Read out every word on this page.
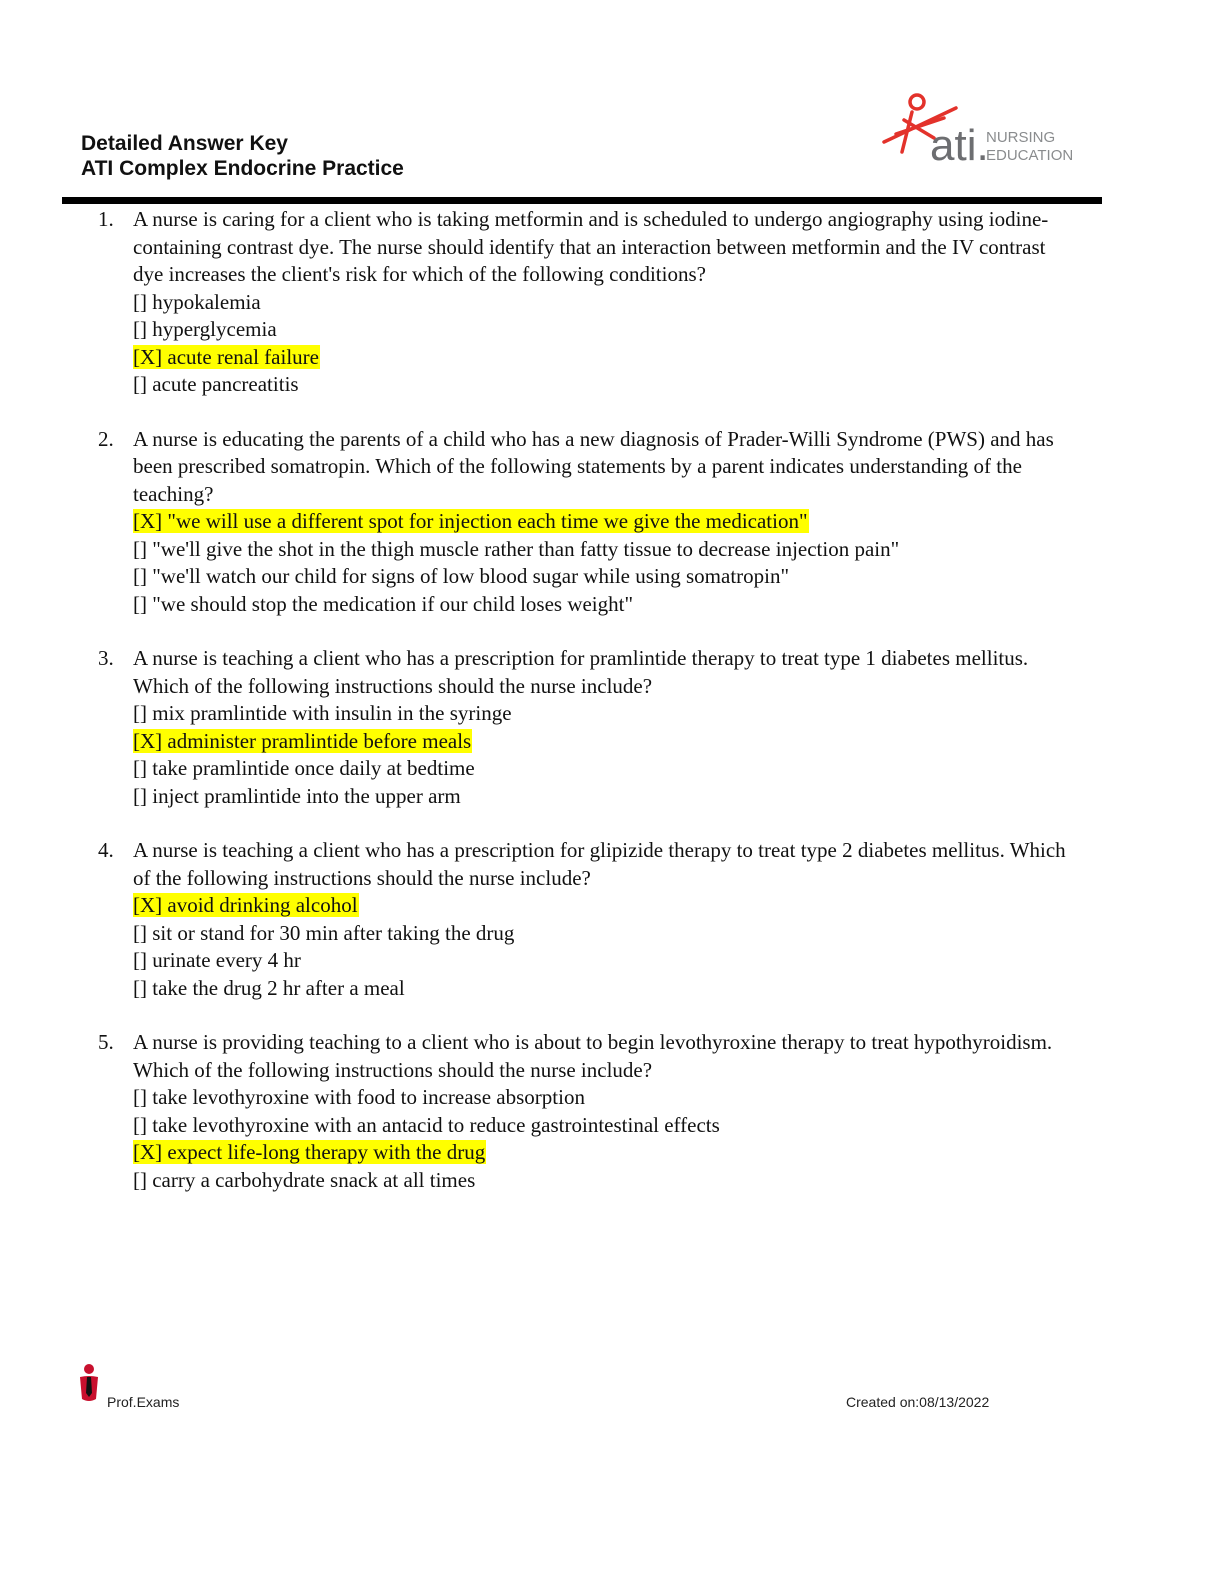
Detailed Answer Key
ATI Complex Endocrine Practice	ati.
NURSING
EDUCATION
1. A nurse is caring for a client who is taking metformin and is scheduled to undergo angiography using iodine-containing contrast dye. The nurse should identify that an interaction between metformin and the IV contrast dye increases the client's risk for which of the following conditions?
[] hypokalemia
[] hyperglycemia
[X] acute renal failure
[] acute pancreatitis
2. A nurse is educating the parents of a child who has a new diagnosis of Prader-Willi Syndrome (PWS) and has been prescribed somatropin. Which of the following statements by a parent indicates understanding of the teaching?
[X] "we will use a different spot for injection each time we give the medication"
[] "we'll give the shot in the thigh muscle rather than fatty tissue to decrease injection pain"
[] "we'll watch our child for signs of low blood sugar while using somatropin"
[] "we should stop the medication if our child loses weight"
3. A nurse is teaching a client who has a prescription for pramlintide therapy to treat type 1 diabetes mellitus. Which of the following instructions should the nurse include?
[] mix pramlintide with insulin in the syringe
[X] administer pramlintide before meals
[] take pramlintide once daily at bedtime
[] inject pramlintide into the upper arm
4. A nurse is teaching a client who has a prescription for glipizide therapy to treat type 2 diabetes mellitus. Which of the following instructions should the nurse include?
[X] avoid drinking alcohol
[] sit or stand for 30 min after taking the drug
[] urinate every 4 hr
[] take the drug 2 hr after a meal
5. A nurse is providing teaching to a client who is about to begin levothyroxine therapy to treat hypothyroidism. Which of the following instructions should the nurse include?
[] take levothyroxine with food to increase absorption
[] take levothyroxine with an antacid to reduce gastrointestinal effects
[X] expect life-long therapy with the drug
[] carry a carbohydrate snack at all times
Prof.Exams	Created on:08/13/2022
